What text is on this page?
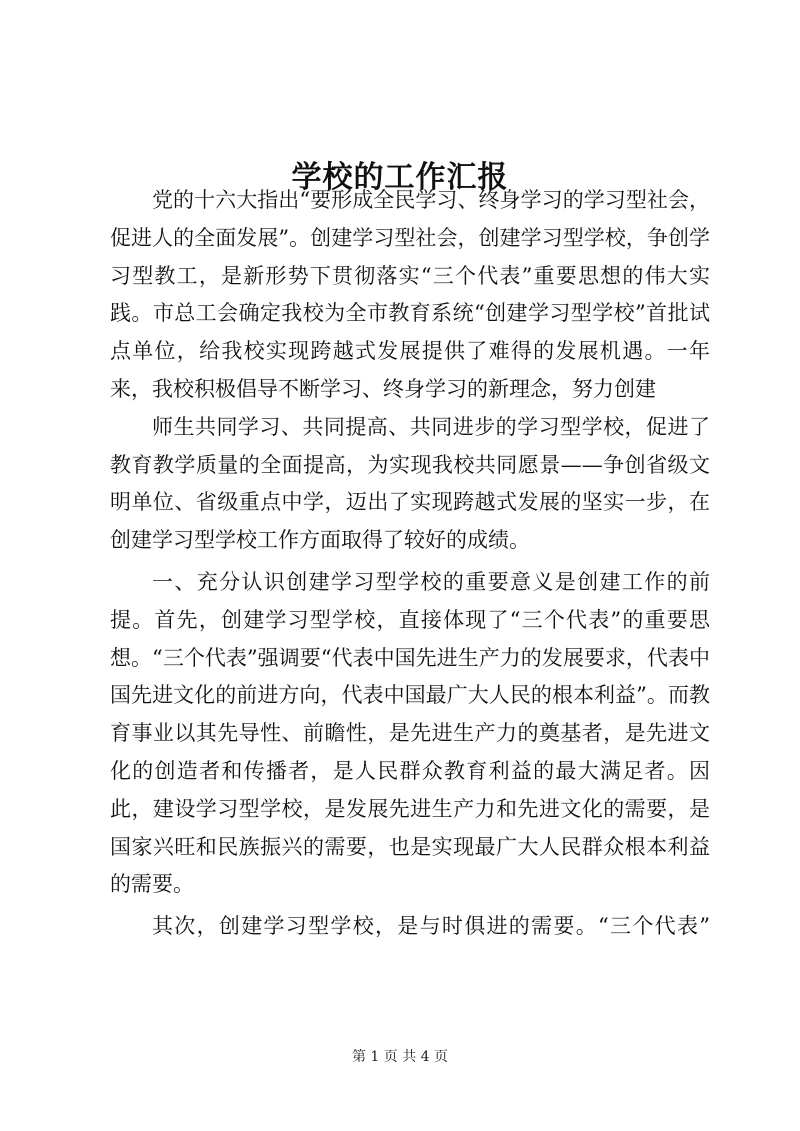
学校的工作汇报

党的十六大指出“要形成全民学习、终身学习的学习型社会，促进人的全面发展”。创建学习型社会，创建学习型学校，争创学习型教工，是新形势下贯彻落实“三个代表”重要思想的伟大实践。市总工会确定我校为全市教育系统“创建学习型学校”首批试点单位，给我校实现跨越式发展提供了难得的发展机遇。一年来，我校积极倡导不断学习、终身学习的新理念，努力创建

师生共同学习、共同提高、共同进步的学习型学校，促进了教育教学质量的全面提高，为实现我校共同愿景——争创省级文明单位、省级重点中学，迈出了实现跨越式发展的坚实一步，在创建学习型学校工作方面取得了较好的成绩。

一、充分认识创建学习型学校的重要意义是创建工作的前提。首先，创建学习型学校，直接体现了“三个代表”的重要思想。“三个代表”强调要“代表中国先进生产力的发展要求，代表中国先进文化的前进方向，代表中国最广大人民的根本利益”。而教育事业以其先导性、前瞻性，是先进生产力的奠基者，是先进文化的创造者和传播者，是人民群众教育利益的最大满足者。因此，建设学习型学校，是发展先进生产力和先进文化的需要，是国家兴旺和民族振兴的需要，也是实现最广大人民群众根本利益的需要。

其次，创建学习型学校，是与时俱进的需要。“三个代表”

第 1 页 共 4 页
